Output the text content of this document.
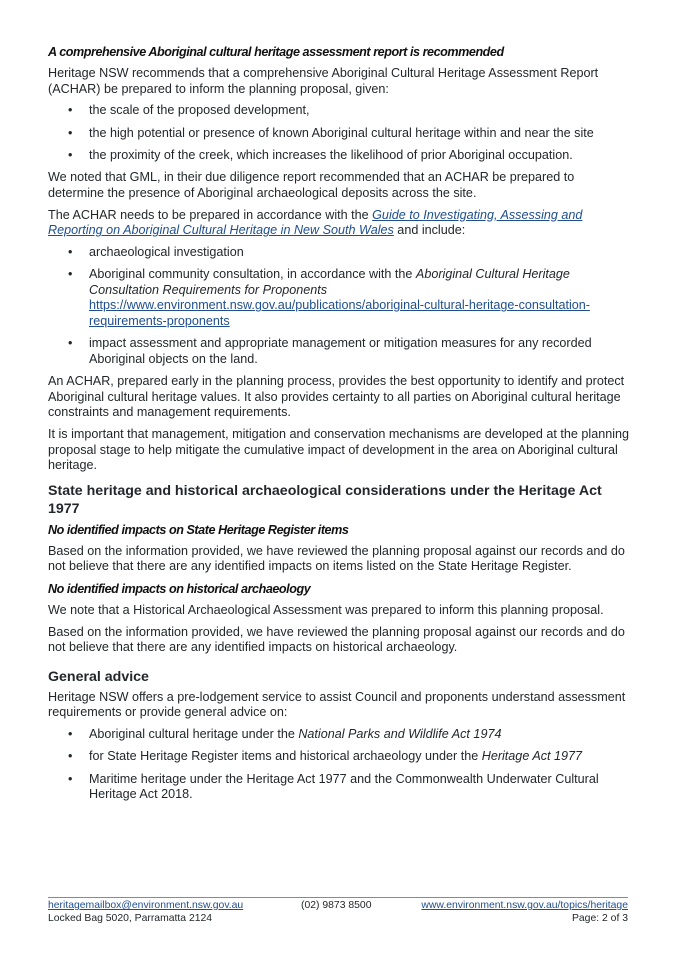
A comprehensive Aboriginal cultural heritage assessment report is recommended

Heritage NSW recommends that a comprehensive Aboriginal Cultural Heritage Assessment Report (ACHAR) be prepared to inform the planning proposal, given:

• the scale of the proposed development,
• the high potential or presence of known Aboriginal cultural heritage within and near the site
• the proximity of the creek, which increases the likelihood of prior Aboriginal occupation.

We noted that GML, in their due diligence report recommended that an ACHAR be prepared to determine the presence of Aboriginal archaeological deposits across the site.

The ACHAR needs to be prepared in accordance with the Guide to Investigating, Assessing and Reporting on Aboriginal Cultural Heritage in New South Wales and include:

• archaeological investigation
• Aboriginal community consultation, in accordance with the Aboriginal Cultural Heritage Consultation Requirements for Proponents
https://www.environment.nsw.gov.au/publications/aboriginal-cultural-heritage-consultation-requirements-proponents
• impact assessment and appropriate management or mitigation measures for any recorded Aboriginal objects on the land.

An ACHAR, prepared early in the planning process, provides the best opportunity to identify and protect Aboriginal cultural heritage values. It also provides certainty to all parties on Aboriginal cultural heritage constraints and management requirements.

It is important that management, mitigation and conservation mechanisms are developed at the planning proposal stage to help mitigate the cumulative impact of development in the area on Aboriginal cultural heritage.

State heritage and historical archaeological considerations under the Heritage Act 1977

No identified impacts on State Heritage Register items

Based on the information provided, we have reviewed the planning proposal against our records and do not believe that there are any identified impacts on items listed on the State Heritage Register.

No identified impacts on historical archaeology

We note that a Historical Archaeological Assessment was prepared to inform this planning proposal.

Based on the information provided, we have reviewed the planning proposal against our records and do not believe that there are any identified impacts on historical archaeology.

General advice

Heritage NSW offers a pre-lodgement service to assist Council and proponents understand assessment requirements or provide general advice on:

• Aboriginal cultural heritage under the National Parks and Wildlife Act 1974
• for State Heritage Register items and historical archaeology under the Heritage Act 1977
• Maritime heritage under the Heritage Act 1977 and the Commonwealth Underwater Cultural Heritage Act 2018.
heritagemailbox@environment.nsw.gov.au	www.environment.nsw.gov.au/topics/heritage
(02) 9873 8500
Locked Bag 5020, Parramatta 2124	Page: 2 of 3
